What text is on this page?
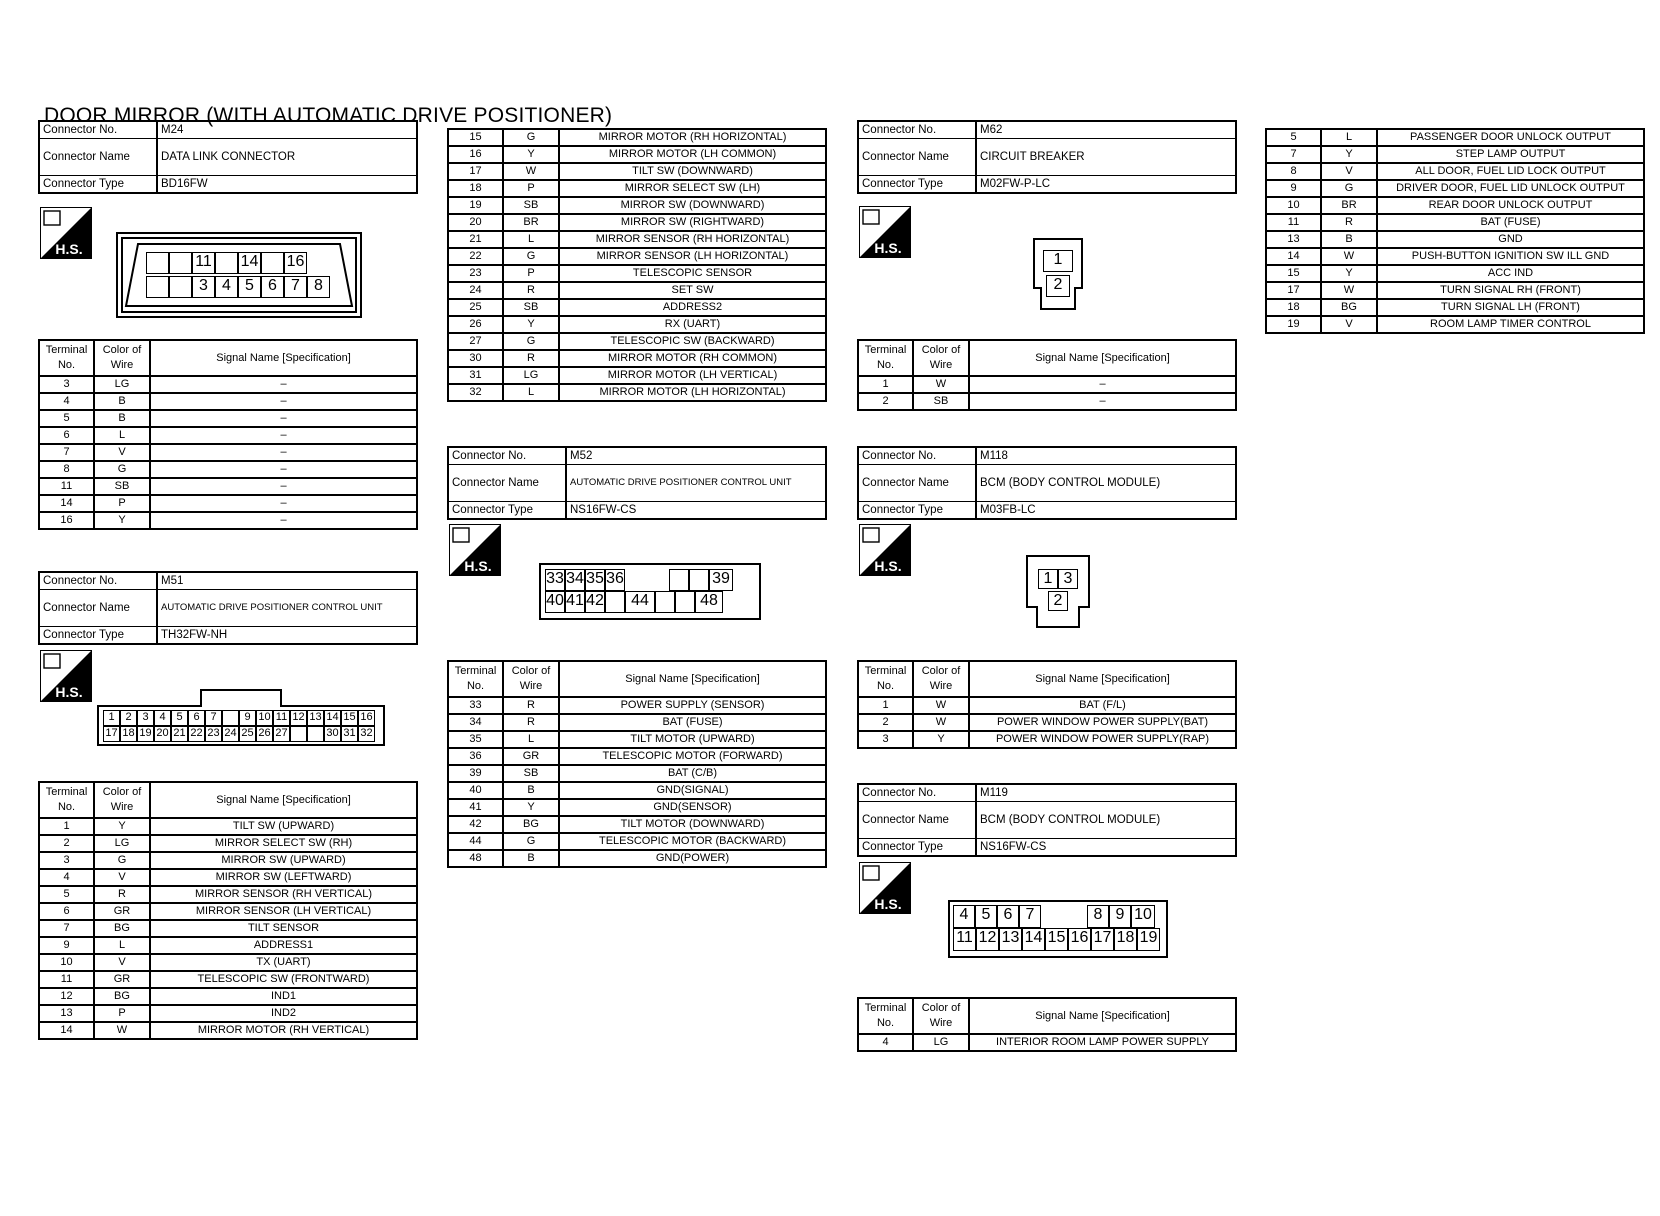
DOOR MIRROR (WITH AUTOMATIC DRIVE POSITIONER)
Connector No.	M24
Connector Name	DATA LINK CONNECTOR
Connector Type	BD16FW
H.S.
11 14 16
3 4 5 6 7 8
Terminal No.	Color of Wire	Signal Name [Specification]
3	LG	–
4	B	–
5	B	–
6	L	–
7	V	–
8	G	–
11	SB	–
14	P	–
16	Y	–
Connector No.	M51
Connector Name	AUTOMATIC DRIVE POSITIONER CONTROL UNIT
Connector Type	TH32FW-NH
H.S.
1 2 3 4 5 6 7	9 10 11 12 13 14 15 16
17 18 19 20 21 22 23 24 25 26 27	30 31 32
Terminal No.	Color of Wire	Signal Name [Specification]
1	Y	TILT SW (UPWARD)
2	LG	MIRROR SELECT SW (RH)
3	G	MIRROR SW (UPWARD)
4	V	MIRROR SW (LEFTWARD)
5	R	MIRROR SENSOR (RH VERTICAL)
6	GR	MIRROR SENSOR (LH VERTICAL)
7	BG	TILT SENSOR
9	L	ADDRESS1
10	V	TX (UART)
11	GR	TELESCOPIC SW (FRONTWARD)
12	BG	IND1
13	P	IND2
14	W	MIRROR MOTOR (RH VERTICAL)
15	G	MIRROR MOTOR (RH HORIZONTAL)
16	Y	MIRROR MOTOR (LH COMMON)
17	W	TILT SW (DOWNWARD)
18	P	MIRROR SELECT SW (LH)
19	SB	MIRROR SW (DOWNWARD)
20	BR	MIRROR SW (RIGHTWARD)
21	L	MIRROR SENSOR (RH HORIZONTAL)
22	G	MIRROR SENSOR (LH HORIZONTAL)
23	P	TELESCOPIC SENSOR
24	R	SET SW
25	SB	ADDRESS2
26	Y	RX (UART)
27	G	TELESCOPIC SW (BACKWARD)
30	R	MIRROR MOTOR (RH COMMON)
31	LG	MIRROR MOTOR (LH VERTICAL)
32	L	MIRROR MOTOR (LH HORIZONTAL)
Connector No.	M52
Connector Name	AUTOMATIC DRIVE POSITIONER CONTROL UNIT
Connector Type	NS16FW-CS
H.S.
33 34 35 36	39
40 41 42	44	48
Terminal No.	Color of Wire	Signal Name [Specification]
33	R	POWER SUPPLY (SENSOR)
34	R	BAT (FUSE)
35	L	TILT MOTOR (UPWARD)
36	GR	TELESCOPIC MOTOR (FORWARD)
39	SB	BAT (C/B)
40	B	GND(SIGNAL)
41	Y	GND(SENSOR)
42	BG	TILT MOTOR (DOWNWARD)
44	G	TELESCOPIC MOTOR (BACKWARD)
48	B	GND(POWER)
Connector No.	M62
Connector Name	CIRCUIT BREAKER
Connector Type	M02FW-P-LC
H.S.
1
2
Terminal No.	Color of Wire	Signal Name [Specification]
1	W	–
2	SB	–
Connector No.	M118
Connector Name	BCM (BODY CONTROL MODULE)
Connector Type	M03FB-LC
H.S.
1 3
2
Terminal No.	Color of Wire	Signal Name [Specification]
1	W	BAT (F/L)
2	W	POWER WINDOW POWER SUPPLY(BAT)
3	Y	POWER WINDOW POWER SUPPLY(RAP)
Connector No.	M119
Connector Name	BCM (BODY CONTROL MODULE)
Connector Type	NS16FW-CS
H.S.
4 5 6 7	8 9 10
11 12 13 14 15 16 17 18 19
Terminal No.	Color of Wire	Signal Name [Specification]
4	LG	INTERIOR ROOM LAMP POWER SUPPLY
5	L	PASSENGER DOOR UNLOCK OUTPUT
7	Y	STEP LAMP OUTPUT
8	V	ALL DOOR, FUEL LID LOCK OUTPUT
9	G	DRIVER DOOR, FUEL LID UNLOCK OUTPUT
10	BR	REAR DOOR UNLOCK OUTPUT
11	R	BAT (FUSE)
13	B	GND
14	W	PUSH-BUTTON IGNITION SW ILL GND
15	Y	ACC IND
17	W	TURN SIGNAL RH (FRONT)
18	BG	TURN SIGNAL LH (FRONT)
19	V	ROOM LAMP TIMER CONTROL
